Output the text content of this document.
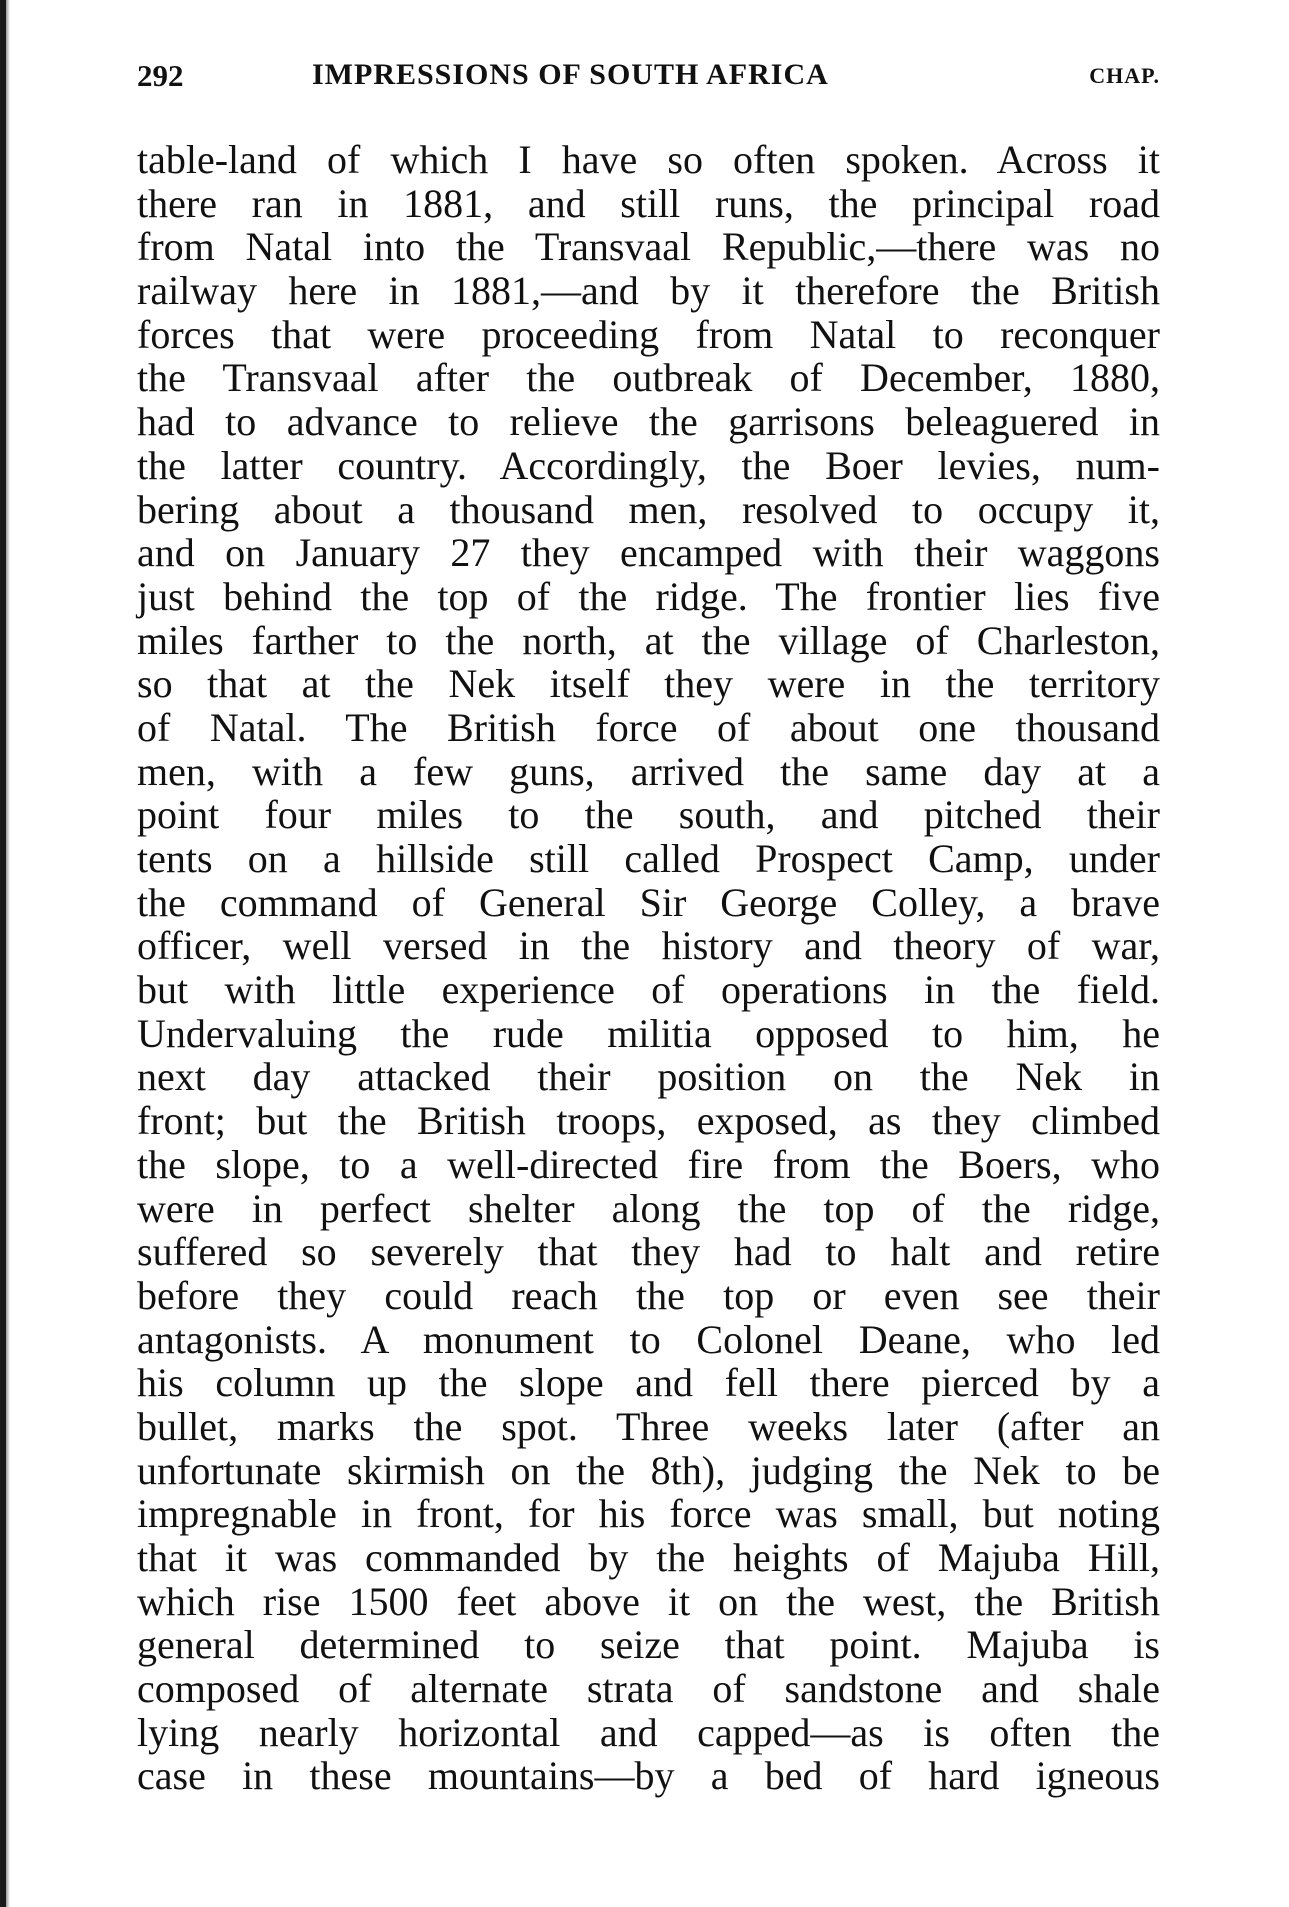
292	IMPRESSIONS OF SOUTH AFRICA	CHAP.
table-land of which I have so often spoken. Across it
there ran in 1881, and still runs, the principal road
from Natal into the Transvaal Republic,—there was no
railway here in 1881,—and by it therefore the British
forces that were proceeding from Natal to reconquer
the Transvaal after the outbreak of December, 1880,
had to advance to relieve the garrisons beleaguered in
the latter country. Accordingly, the Boer levies, num-
bering about a thousand men, resolved to occupy it,
and on January 27 they encamped with their waggons
just behind the top of the ridge. The frontier lies five
miles farther to the north, at the village of Charleston,
so that at the Nek itself they were in the territory
of Natal. The British force of about one thousand
men, with a few guns, arrived the same day at a
point four miles to the south, and pitched their
tents on a hillside still called Prospect Camp, under
the command of General Sir George Colley, a brave
officer, well versed in the history and theory of war,
but with little experience of operations in the field.
Undervaluing the rude militia opposed to him, he
next day attacked their position on the Nek in
front; but the British troops, exposed, as they climbed
the slope, to a well-directed fire from the Boers, who
were in perfect shelter along the top of the ridge,
suffered so severely that they had to halt and retire
before they could reach the top or even see their
antagonists. A monument to Colonel Deane, who led
his column up the slope and fell there pierced by a
bullet, marks the spot. Three weeks later (after an
unfortunate skirmish on the 8th), judging the Nek to be
impregnable in front, for his force was small, but noting
that it was commanded by the heights of Majuba Hill,
which rise 1500 feet above it on the west, the British
general determined to seize that point. Majuba is
composed of alternate strata of sandstone and shale
lying nearly horizontal and capped—as is often the
case in these mountains—by a bed of hard igneous
